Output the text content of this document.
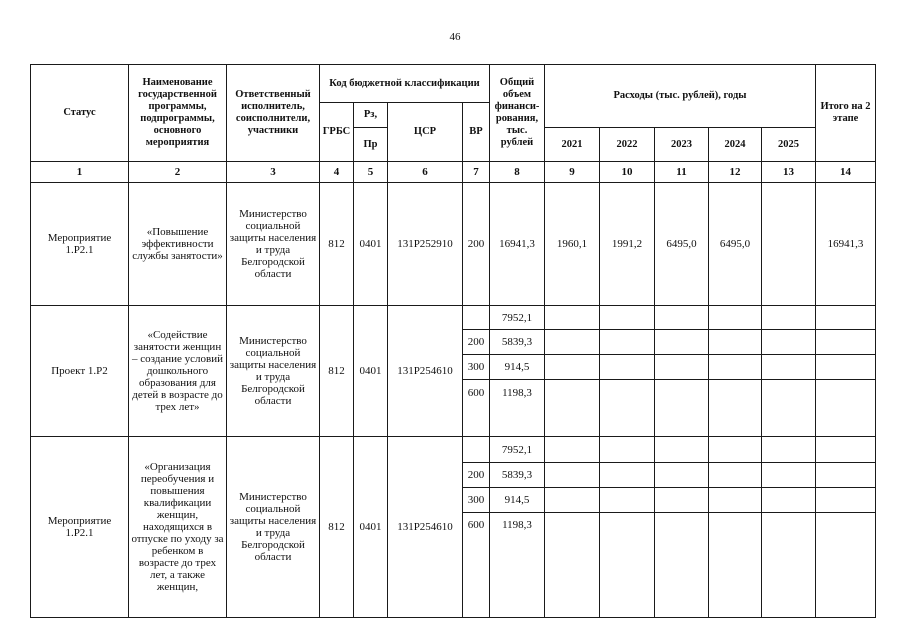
46
Статус	Наименование государственной программы, подпрограммы, основного мероприятия	Ответственный исполнитель, соисполнители, участники	Код бюджетной классификации				Общий объем финанси-рования, тыс. рублей	Расходы (тыс. рублей), годы					Итого на 2 этапе

			ГРБС	Рз,	ЦСР	ВР							
				Пр				2021	2022	2023	2024	2025	
1	2	3	4	5	6	7	8	9	10	11	12	13	14

Мероприятие 1.Р2.1	«Повышение эффективности службы занятости»	Министерство социальной защиты населения и труда Белгородской области	812	0401	131Р252910	200	16941,3	1960,1	1991,2	6495,0	6495,0		16941,3

Проект 1.Р2	«Содействие занятости женщин – создание условий дошкольного образования для детей в возрасте до трех лет»	Министерство социальной защиты населения и труда Белгородской области	812	0401	131Р254610		7952,1						
						200	5839,3						
						300	914,5						
						600	1198,3						

Мероприятие 1.Р2.1	«Организация переобучения и повышения квалификации женщин, находящихся в отпуске по уходу за ребенком в возрасте до трех лет, а также женщин,	Министерство социальной защиты населения и труда Белгородской области	812	0401	131Р254610		7952,1						
						200	5839,3						
						300	914,5						
						600	1198,3						
